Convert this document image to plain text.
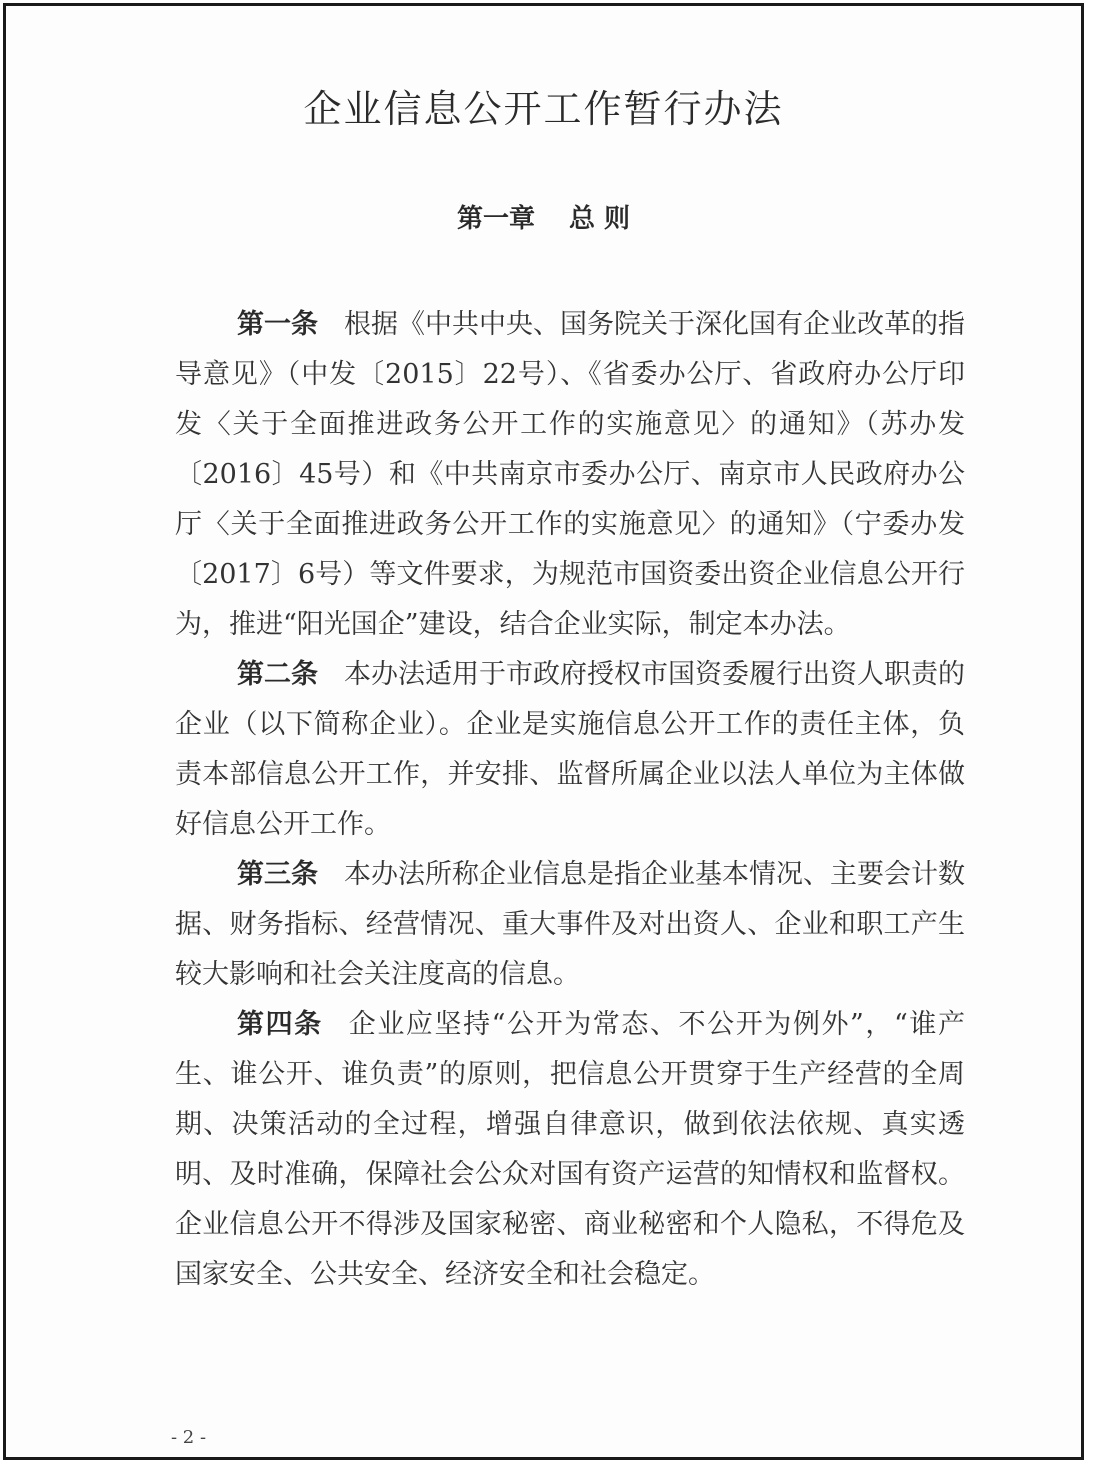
企业信息公开工作暂行办法
第一章 总 则

第一条 根据《中共中央、国务院关于深化国有企业改革的指导意见》（中发〔2015〕22号）、《省委办公厅、省政府办公厅印发〈关于全面推进政务公开工作的实施意见〉的通知》（苏办发〔2016〕45号）和《中共南京市委办公厅、南京市人民政府办公厅〈关于全面推进政务公开工作的实施意见〉的通知》（宁委办发〔2017〕6号）等文件要求，为规范市国资委出资企业信息公开行为，推进“阳光国企”建设，结合企业实际，制定本办法。

第二条 本办法适用于市政府授权市国资委履行出资人职责的企业（以下简称企业）。企业是实施信息公开工作的责任主体，负责本部信息公开工作，并安排、监督所属企业以法人单位为主体做好信息公开工作。

第三条 本办法所称企业信息是指企业基本情况、主要会计数据、财务指标、经营情况、重大事件及对出资人、企业和职工产生较大影响和社会关注度高的信息。

第四条 企业应坚持“公开为常态、不公开为例外”，“谁产生、谁公开、谁负责”的原则，把信息公开贯穿于生产经营的全周期、决策活动的全过程，增强自律意识，做到依法依规、真实透明、及时准确，保障社会公众对国有资产运营的知情权和监督权。企业信息公开不得涉及国家秘密、商业秘密和个人隐私，不得危及国家安全、公共安全、经济安全和社会稳定。

- 2 -
